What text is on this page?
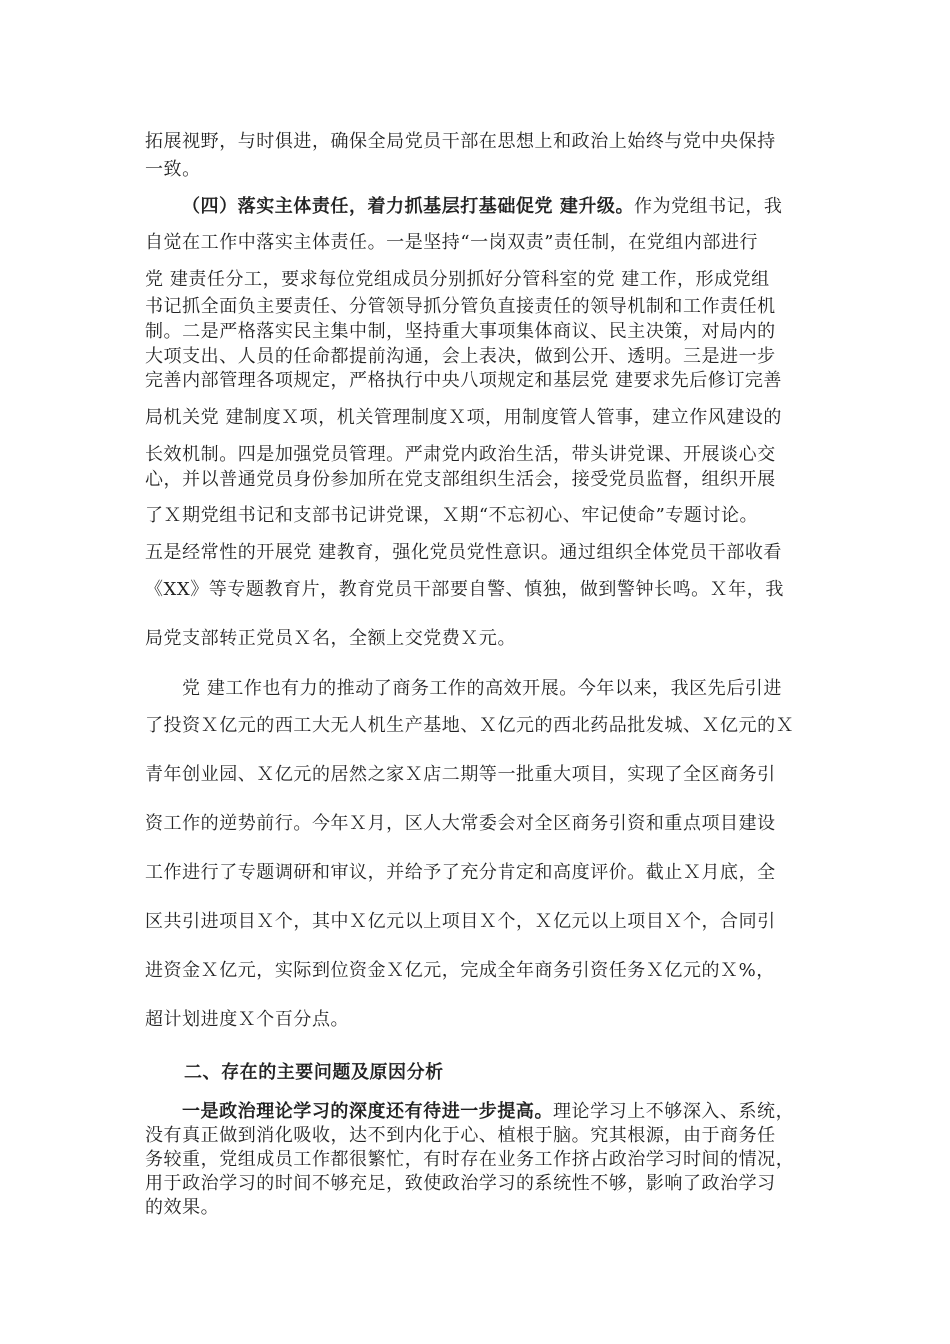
拓展视野，与时俱进，确保全局党员干部在思想上和政治上始终与党中央保持
一致。
（四）落实主体责任，着力抓基层打基础促党 建升级。作为党组书记，我
自觉在工作中落实主体责任。一是坚持“一岗双责”责任制，在党组内部进行
党 建责任分工，要求每位党组成员分别抓好分管科室的党 建工作，形成党组
书记抓全面负主要责任、分管领导抓分管负直接责任的领导机制和工作责任机
制。二是严格落实民主集中制，坚持重大事项集体商议、民主决策，对局内的
大项支出、人员的任命都提前沟通，会上表决，做到公开、透明。三是进一步
完善内部管理各项规定，严格执行中央八项规定和基层党 建要求先后修订完善
局机关党 建制度Ｘ项，机关管理制度Ｘ项，用制度管人管事，建立作风建设的
长效机制。四是加强党员管理。严肃党内政治生活，带头讲党课、开展谈心交
心，并以普通党员身份参加所在党支部组织生活会，接受党员监督，组织开展
了Ｘ期党组书记和支部书记讲党课，Ｘ期“不忘初心、牢记使命”专题讨论。
五是经常性的开展党 建教育，强化党员党性意识。通过组织全体党员干部收看
《XX》等专题教育片，教育党员干部要自警、慎独，做到警钟长鸣。Ｘ年，我
局党支部转正党员Ｘ名，全额上交党费Ｘ元。
党 建工作也有力的推动了商务工作的高效开展。今年以来，我区先后引进
了投资Ｘ亿元的西工大无人机生产基地、Ｘ亿元的西北药品批发城、Ｘ亿元的Ｘ
青年创业园、Ｘ亿元的居然之家Ｘ店二期等一批重大项目，实现了全区商务引
资工作的逆势前行。今年Ｘ月，区人大常委会对全区商务引资和重点项目建设
工作进行了专题调研和审议，并给予了充分肯定和高度评价。截止Ｘ月底，全
区共引进项目Ｘ个，其中Ｘ亿元以上项目Ｘ个，Ｘ亿元以上项目Ｘ个，合同引
进资金Ｘ亿元，实际到位资金Ｘ亿元，完成全年商务引资任务Ｘ亿元的Ｘ%，
超计划进度Ｘ个百分点。
二、存在的主要问题及原因分析
一是政治理论学习的深度还有待进一步提高。理论学习上不够深入、系统，
没有真正做到消化吸收，达不到内化于心、植根于脑。究其根源，由于商务任
务较重，党组成员工作都很繁忙，有时存在业务工作挤占政治学习时间的情况，
用于政治学习的时间不够充足，致使政治学习的系统性不够，影响了政治学习
的效果。
